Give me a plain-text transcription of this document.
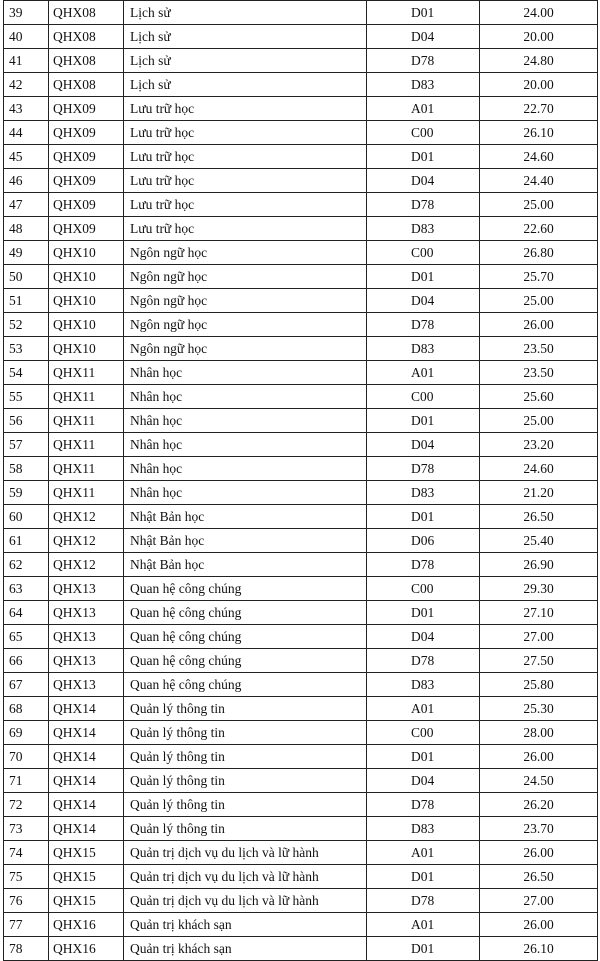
39	QHX08	Lịch sử	D01	24.00
40	QHX08	Lịch sử	D04	20.00
41	QHX08	Lịch sử	D78	24.80
42	QHX08	Lịch sử	D83	20.00
43	QHX09	Lưu trữ học	A01	22.70
44	QHX09	Lưu trữ học	C00	26.10
45	QHX09	Lưu trữ học	D01	24.60
46	QHX09	Lưu trữ học	D04	24.40
47	QHX09	Lưu trữ học	D78	25.00
48	QHX09	Lưu trữ học	D83	22.60
49	QHX10	Ngôn ngữ học	C00	26.80
50	QHX10	Ngôn ngữ học	D01	25.70
51	QHX10	Ngôn ngữ học	D04	25.00
52	QHX10	Ngôn ngữ học	D78	26.00
53	QHX10	Ngôn ngữ học	D83	23.50
54	QHX11	Nhân học	A01	23.50
55	QHX11	Nhân học	C00	25.60
56	QHX11	Nhân học	D01	25.00
57	QHX11	Nhân học	D04	23.20
58	QHX11	Nhân học	D78	24.60
59	QHX11	Nhân học	D83	21.20
60	QHX12	Nhật Bản học	D01	26.50
61	QHX12	Nhật Bản học	D06	25.40
62	QHX12	Nhật Bản học	D78	26.90
63	QHX13	Quan hệ công chúng	C00	29.30
64	QHX13	Quan hệ công chúng	D01	27.10
65	QHX13	Quan hệ công chúng	D04	27.00
66	QHX13	Quan hệ công chúng	D78	27.50
67	QHX13	Quan hệ công chúng	D83	25.80
68	QHX14	Quản lý thông tin	A01	25.30
69	QHX14	Quản lý thông tin	C00	28.00
70	QHX14	Quản lý thông tin	D01	26.00
71	QHX14	Quản lý thông tin	D04	24.50
72	QHX14	Quản lý thông tin	D78	26.20
73	QHX14	Quản lý thông tin	D83	23.70
74	QHX15	Quản trị dịch vụ du lịch và lữ hành	A01	26.00
75	QHX15	Quản trị dịch vụ du lịch và lữ hành	D01	26.50
76	QHX15	Quản trị dịch vụ du lịch và lữ hành	D78	27.00
77	QHX16	Quản trị khách sạn	A01	26.00
78	QHX16	Quản trị khách sạn	D01	26.10
